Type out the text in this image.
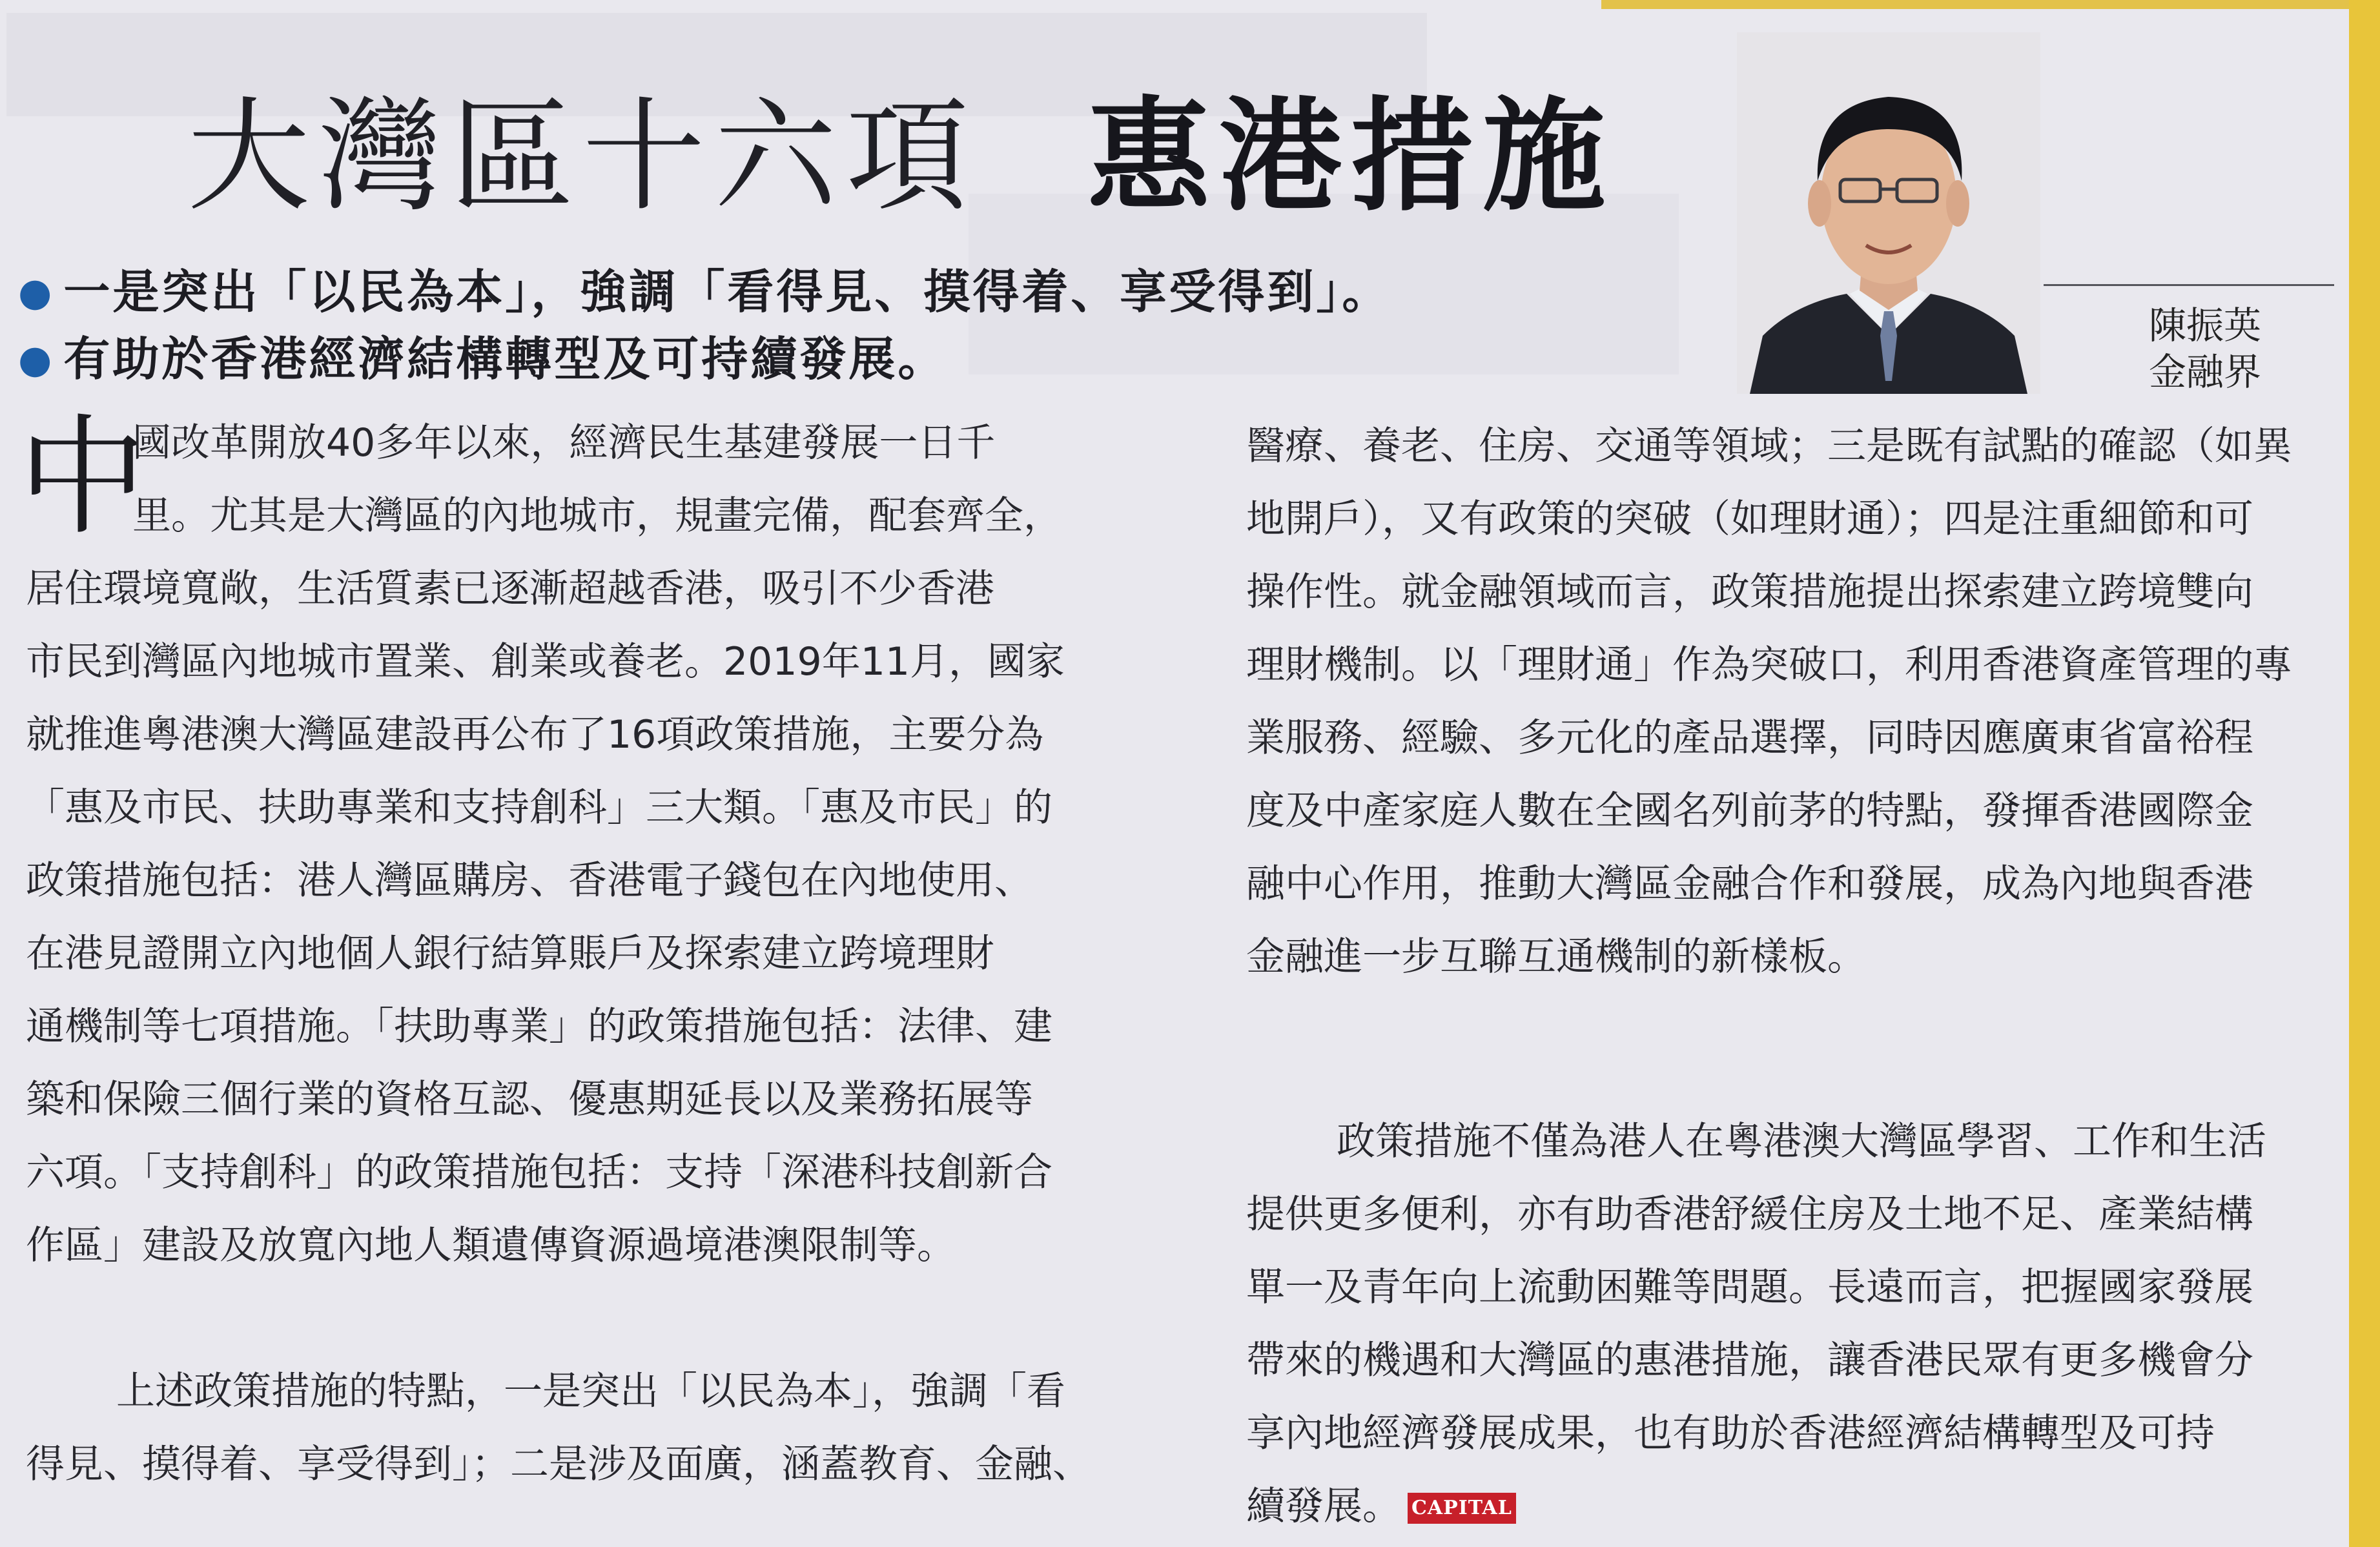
大灣區十六項 惠港措施
● 一是突出「以民為本」，強調「看得見、摸得着、享受得到」。
● 有助於香港經濟結構轉型及可持續發展。
陳振英
金融界
中
國改革開放40多年以來，經濟民生基建發展一日千
里。尤其是大灣區的內地城市，規畫完備，配套齊全，
居住環境寬敞，生活質素已逐漸超越香港，吸引不少香港
市民到灣區內地城市置業、創業或養老。2019年11月，國家
就推進粵港澳大灣區建設再公布了16項政策措施，主要分為
「惠及市民、扶助專業和支持創科」三大類。「惠及市民」的
政策措施包括：港人灣區購房、香港電子錢包在內地使用、
在港見證開立內地個人銀行結算賬戶及探索建立跨境理財
通機制等七項措施。「扶助專業」的政策措施包括：法律、建
築和保險三個行業的資格互認、優惠期延長以及業務拓展等
六項。「支持創科」的政策措施包括：支持「深港科技創新合
作區」建設及放寬內地人類遺傳資源過境港澳限制等。
上述政策措施的特點，一是突出「以民為本」，強調「看
得見、摸得着、享受得到」；二是涉及面廣，涵蓋教育、金融、
醫療、養老、住房、交通等領域；三是既有試點的確認（如異
地開戶），又有政策的突破（如理財通）；四是注重細節和可
操作性。就金融領域而言，政策措施提出探索建立跨境雙向
理財機制。以「理財通」作為突破口，利用香港資產管理的專
業服務、經驗、多元化的產品選擇，同時因應廣東省富裕程
度及中產家庭人數在全國名列前茅的特點，發揮香港國際金
融中心作用，推動大灣區金融合作和發展，成為內地與香港
金融進一步互聯互通機制的新樣板。
政策措施不僅為港人在粵港澳大灣區學習、工作和生活
提供更多便利，亦有助香港舒緩住房及土地不足、產業結構
單一及青年向上流動困難等問題。長遠而言，把握國家發展
帶來的機遇和大灣區的惠港措施，讓香港民眾有更多機會分
享內地經濟發展成果，也有助於香港經濟結構轉型及可持
續發展。 CAPITAL
